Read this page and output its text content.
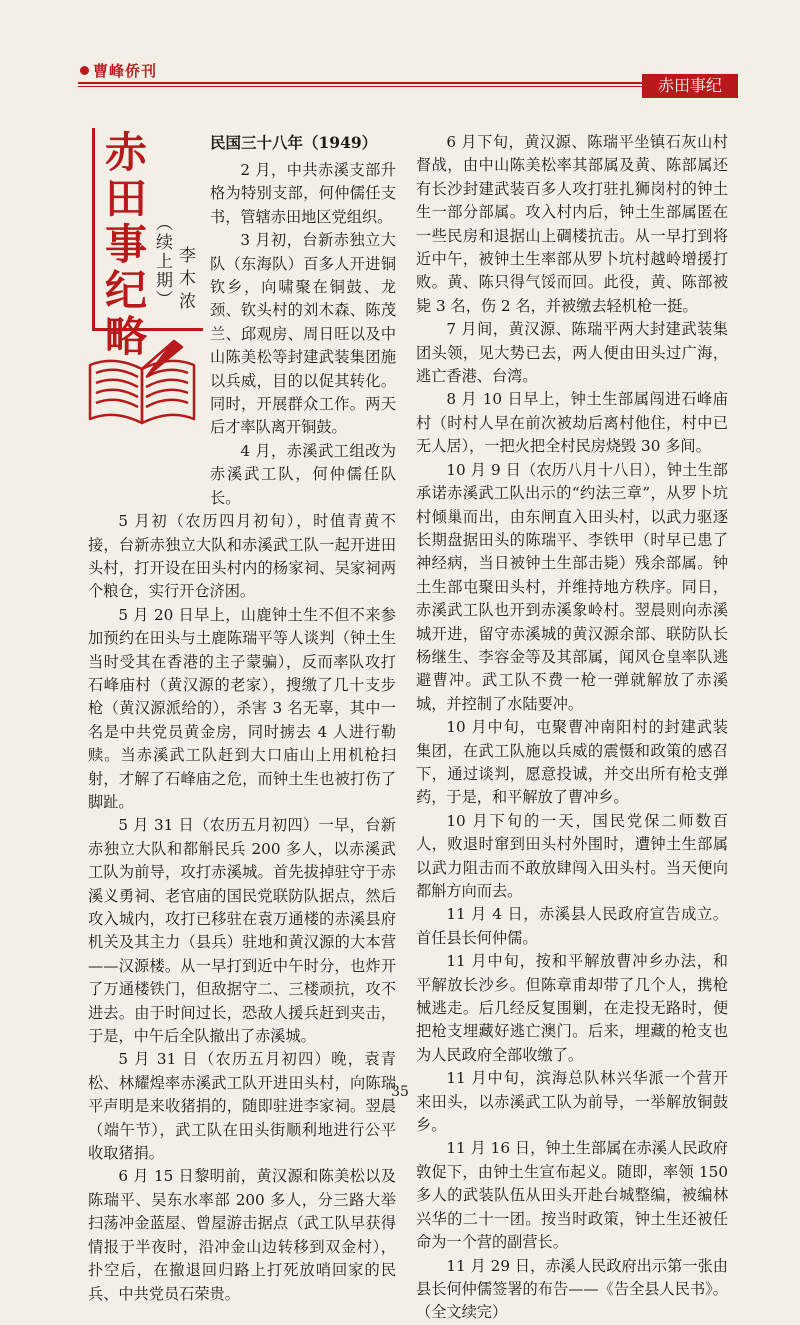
曹峰侨刊
赤田事纪
赤田事纪略 （续上期） 李木浓
民国三十八年（1949）

2 月，中共赤溪支部升格为特别支部，何仲儒任支书，管辖赤田地区党组织。

3 月初，台新赤独立大队（东海队）百多人开进铜钦乡，向啸聚在铜鼓、龙颈、钦头村的刘木森、陈茂兰、邱观房、周日旺以及中山陈美松等封建武装集团施以兵威，目的以促其转化。同时，开展群众工作。两天后才率队离开铜鼓。

4 月，赤溪武工组改为赤溪武工队，何仲儒任队长。

5 月初（农历四月初旬），时值青黄不接，台新赤独立大队和赤溪武工队一起开进田头村，打开设在田头村内的杨家祠、吴家祠两个粮仓，实行开仓济困。

5 月 20 日早上，山鹿钟土生不但不来参加预约在田头与土鹿陈瑞平等人谈判（钟土生当时受其在香港的主子蒙骗），反而率队攻打石峰庙村（黄汉源的老家），搜缴了几十支步枪（黄汉源派给的），杀害 3 名无辜，其中一名是中共党员黄金房，同时掳去 4 人进行勒赎。当赤溪武工队赶到大口庙山上用机枪扫射，才解了石峰庙之危，而钟土生也被打伤了脚趾。

5 月 31 日（农历五月初四）一早，台新赤独立大队和都斛民兵 200 多人，以赤溪武工队为前导，攻打赤溪城。首先拔掉驻守于赤溪义勇祠、老官庙的国民党联防队据点，然后攻入城内，攻打已移驻在袁万通楼的赤溪县府机关及其主力（县兵）驻地和黄汉源的大本营——汉源楼。从一早打到近中午时分，也炸开了万通楼铁门，但敌据守二、三楼顽抗，攻不进去。由于时间过长，恐敌人援兵赶到夹击，于是，中午后全队撤出了赤溪城。

5 月 31 日（农历五月初四）晚，袁青松、林耀煌率赤溪武工队开进田头村，向陈瑞平声明是来收猪捐的，随即驻进李家祠。翌晨（端午节），武工队在田头街顺利地进行公平收取猪捐。

6 月 15 日黎明前，黄汉源和陈美松以及陈瑞平、吴东水率部 200 多人，分三路大举扫荡冲金蓝屋、曾屋游击据点（武工队早获得情报于半夜时，沿冲金山边转移到双金村），扑空后，在撤退回归路上打死放哨回家的民兵、中共党员石荣贵。

6 月下旬，黄汉源、陈瑞平坐镇石灰山村督战，由中山陈美松率其部属及黄、陈部属还有长沙封建武装百多人攻打驻扎狮岗村的钟土生一部分部属。攻入村内后，钟土生部属匿在一些民房和退据山上碉楼抗击。从一早打到将近中午，被钟土生率部从罗卜坑村越岭增援打败。黄、陈只得气馁而回。此役，黄、陈部被毙 3 名，伤 2 名，并被缴去轻机枪一挺。

7 月间，黄汉源、陈瑞平两大封建武装集团头领，见大势已去，两人便由田头过广海，逃亡香港、台湾。

8 月 10 日早上，钟土生部属闯进石峰庙村（时村人早在前次被劫后离村他住，村中已无人居），一把火把全村民房烧毁 30 多间。

10 月 9 日（农历八月十八日），钟土生部承诺赤溪武工队出示的“约法三章”，从罗卜坑村倾巢而出，由东闸直入田头村，以武力驱逐长期盘据田头的陈瑞平、李铁甲（时早已患了神经病，当日被钟土生部击毙）残余部属。钟土生部屯聚田头村，并维持地方秩序。同日，赤溪武工队也开到赤溪象岭村。翌晨则向赤溪城开进，留守赤溪城的黄汉源余部、联防队长杨继生、李容金等及其部属，闻风仓皇率队逃避曹冲。武工队不费一枪一弹就解放了赤溪城，并控制了水陆要冲。

10 月中旬，屯聚曹冲南阳村的封建武装集团，在武工队施以兵威的震慑和政策的感召下，通过谈判，愿意投诚，并交出所有枪支弹药，于是，和平解放了曹冲乡。

10 月下旬的一天，国民党保二师数百人，败退时窜到田头村外围时，遭钟土生部属以武力阻击而不敢放肆闯入田头村。当天便向都斛方向而去。

11 月 4 日，赤溪县人民政府宣告成立。首任县长何仲儒。

11 月中旬，按和平解放曹冲乡办法，和平解放长沙乡。但陈章甫却带了几个人，携枪械逃走。后几经反复围剿，在走投无路时，便把枪支埋藏好逃亡澳门。后来，埋藏的枪支也为人民政府全部收缴了。

11 月中旬，滨海总队林兴华派一个营开来田头，以赤溪武工队为前导，一举解放铜鼓乡。

11 月 16 日，钟土生部属在赤溪人民政府敦促下，由钟土生宣布起义。随即，率领 150 多人的武装队伍从田头开赴台城整编，被编林兴华的二十一团。按当时政策，钟土生还被任命为一个营的副营长。

11 月 29 日，赤溪人民政府出示第一张由县长何仲儒签署的布告——《告全县人民书》。（全文续完）

35
